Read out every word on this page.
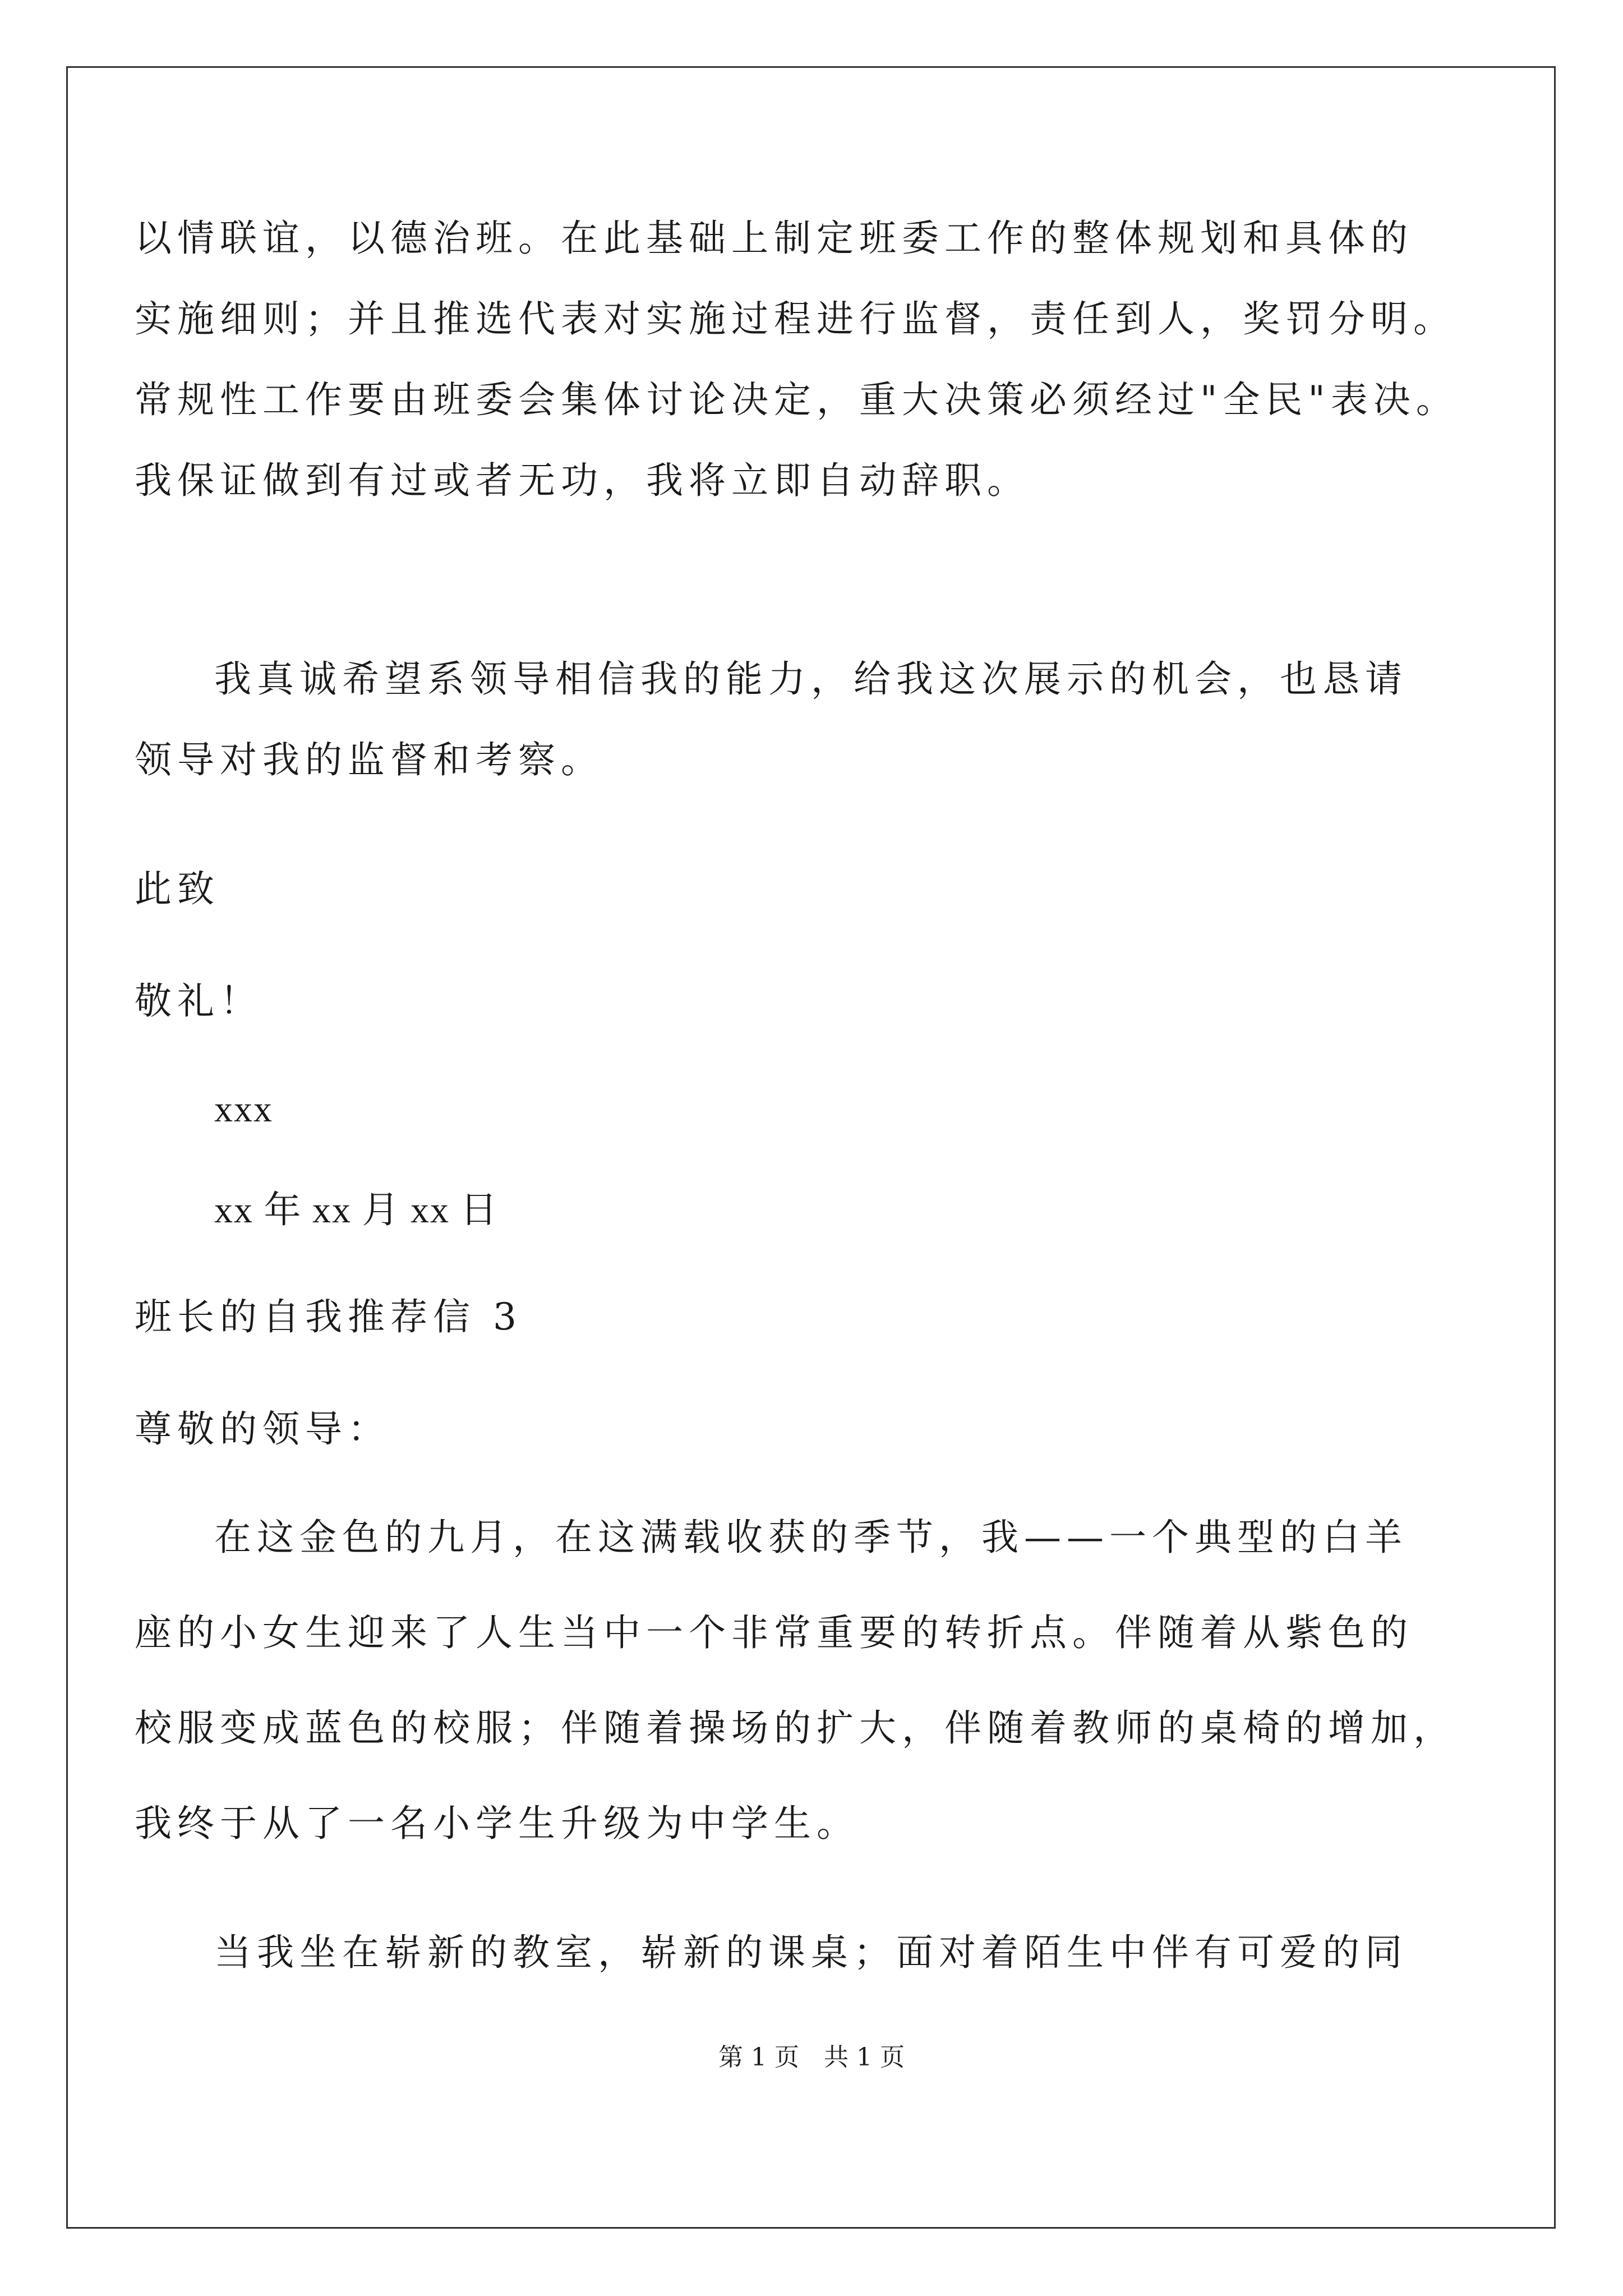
以情联谊，以德治班。在此基础上制定班委工作的整体规划和具体的
实施细则；并且推选代表对实施过程进行监督，责任到人，奖罚分明。
常规性工作要由班委会集体讨论决定，重大决策必须经过"全民"表决。
我保证做到有过或者无功，我将立即自动辞职。
我真诚希望系领导相信我的能力，给我这次展示的机会，也恳请
领导对我的监督和考察。
此致
敬礼！
xxx
xx 年 xx 月 xx 日
班长的自我推荐信 3
尊敬的领导：
在这金色的九月，在这满载收获的季节，我——一个典型的白羊
座的小女生迎来了人生当中一个非常重要的转折点。伴随着从紫色的
校服变成蓝色的校服；伴随着操场的扩大，伴随着教师的桌椅的增加，
我终于从了一名小学生升级为中学生。
当我坐在崭新的教室，崭新的课桌；面对着陌生中伴有可爱的同
第 1 页　共 1 页
